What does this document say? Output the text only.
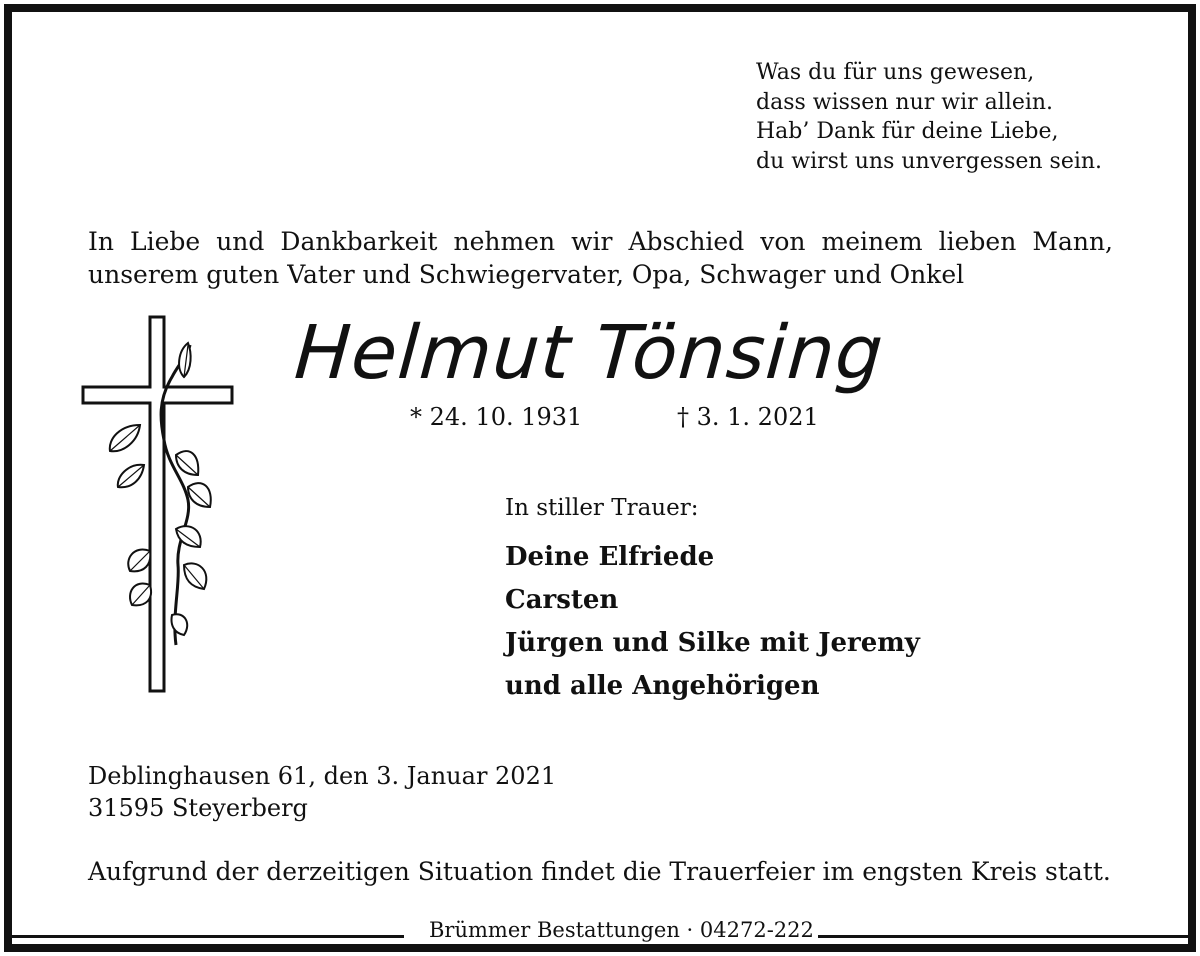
Was du für uns gewesen,
dass wissen nur wir allein.
Hab’ Dank für deine Liebe,
du wirst uns unvergessen sein.
In Liebe und Dankbarkeit nehmen wir Abschied von meinem lieben Mann,
unserem guten Vater und Schwiegervater, Opa, Schwager und Onkel
Helmut Tönsing
* 24. 10. 1931	† 3. 1. 2021
In stiller Trauer:
Deine Elfriede
Carsten
Jürgen und Silke mit Jeremy
und alle Angehörigen
Deblinghausen 61, den 3. Januar 2021
31595 Steyerberg
Aufgrund der derzeitigen Situation findet die Trauerfeier im engsten Kreis statt.
Brümmer Bestattungen · 04272-222
